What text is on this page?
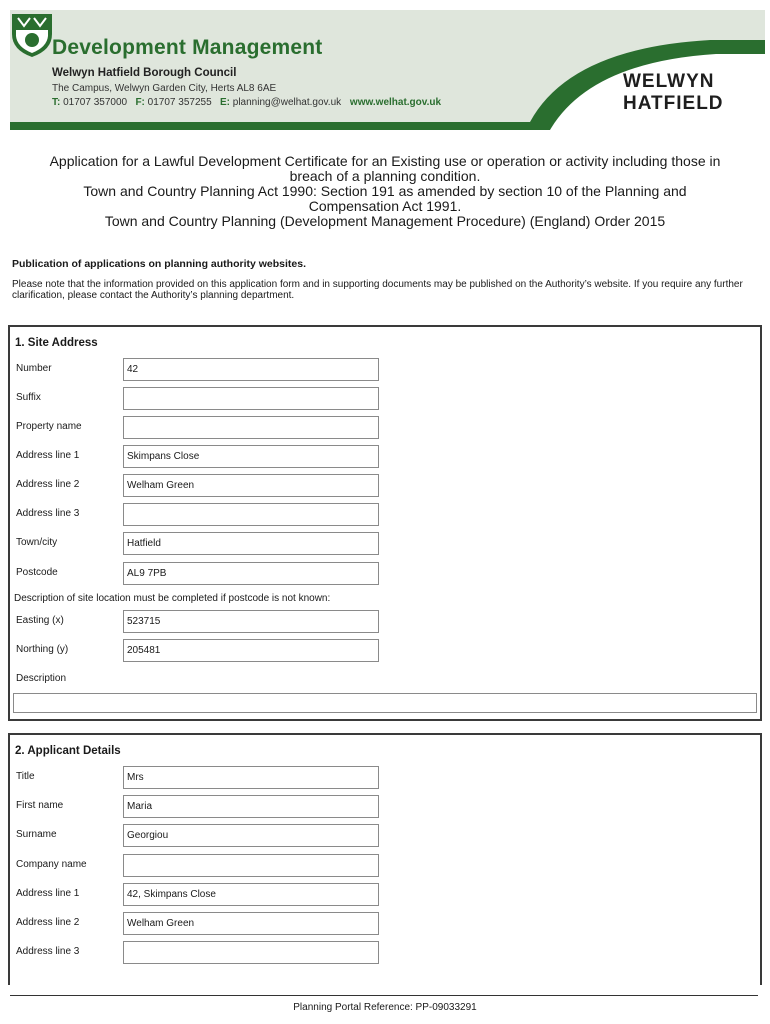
Development Management
Welwyn Hatfield Borough Council
The Campus, Welwyn Garden City, Herts AL8 6AE
T: 01707 357000 F: 01707 357255 E: planning@welhat.gov.uk www.welhat.gov.uk
WELWYN
HATFIELD
Application for a Lawful Development Certificate for an Existing use or operation or activity including those in
breach of a planning condition.
Town and Country Planning Act 1990: Section 191 as amended by section 10 of the Planning and
Compensation Act 1991.
Town and Country Planning (Development Management Procedure) (England) Order 2015
Publication of applications on planning authority websites.
Please note that the information provided on this application form and in supporting documents may be published on the Authority’s website. If you require any further clarification, please contact the Authority’s planning department.
1. Site Address
Number	42
Suffix
Property name
Address line 1	Skimpans Close
Address line 2	Welham Green
Address line 3
Town/city	Hatfield
Postcode	AL9 7PB
Description of site location must be completed if postcode is not known:
Easting (x)	523715
Northing (y)	205481
Description
2. Applicant Details
Title	Mrs
First name	Maria
Surname	Georgiou
Company name
Address line 1	42, Skimpans Close
Address line 2	Welham Green
Address line 3
Planning Portal Reference: PP-09033291
